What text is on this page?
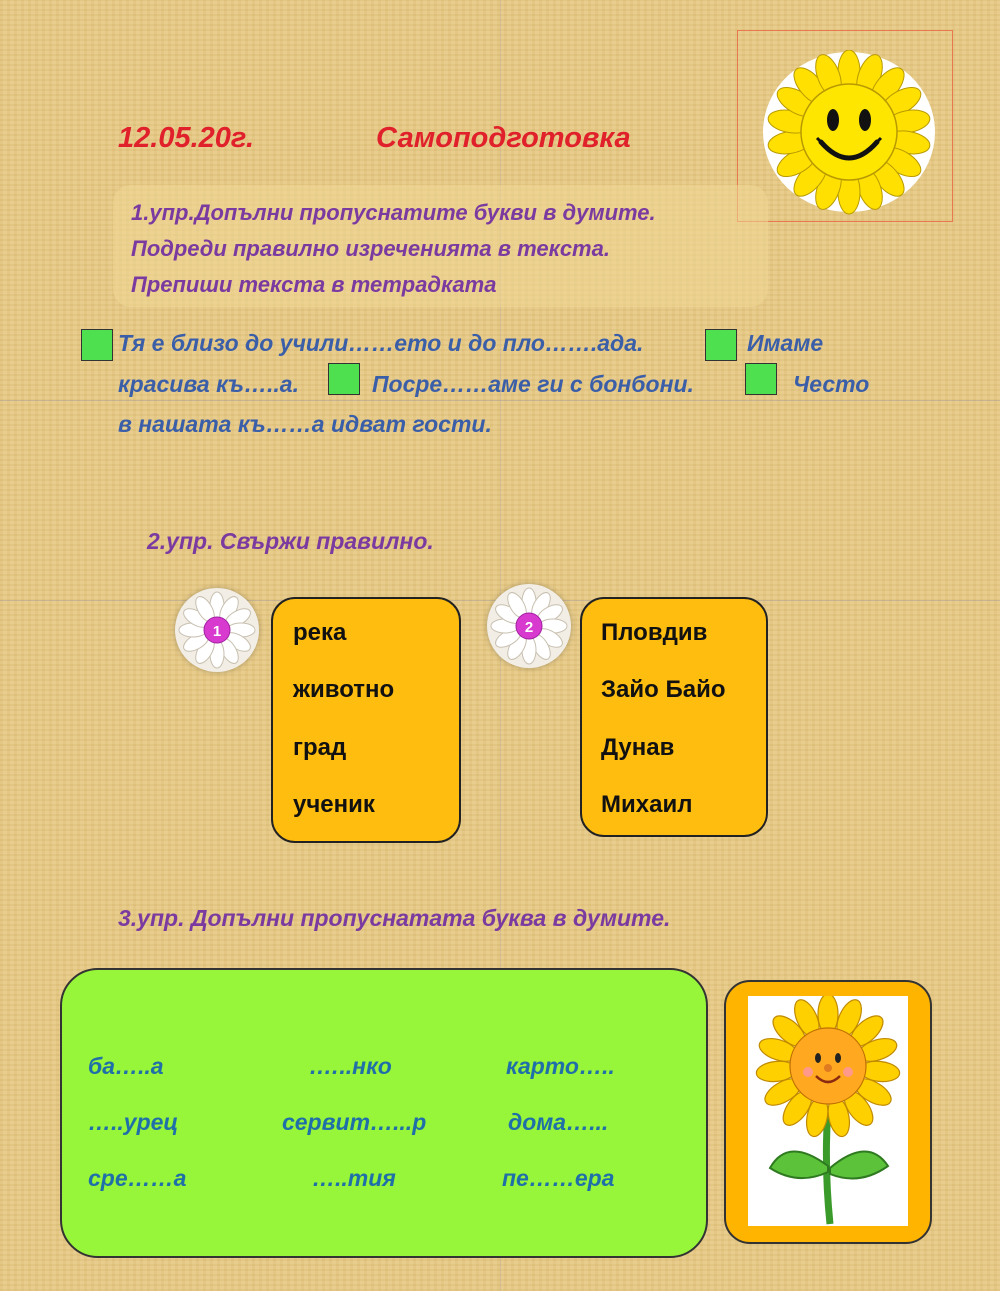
12.05.20г.	Самоподготовка
1.упр.Допълни пропуснатите букви в думите.
Подреди правилно изреченията в текста.
Препиши текста в тетрадката
Тя е близо до учили……ето и до пло…….ада.	Имаме
красива къ…..а.	Посре……аме ги с бонбони.	Често
в нашата къ……а идват гости.
2.упр. Свържи правилно.
1	река
животно
град
ученик
2	Пловдив
Зайо Байо
Дунав
Михаил
3.упр. Допълни пропуснатата буква в думите.
ба…..а	.…..нко	карто…..
…..урец	сервит…...р	дома…...
сре……а	…..тия	пе……ера
